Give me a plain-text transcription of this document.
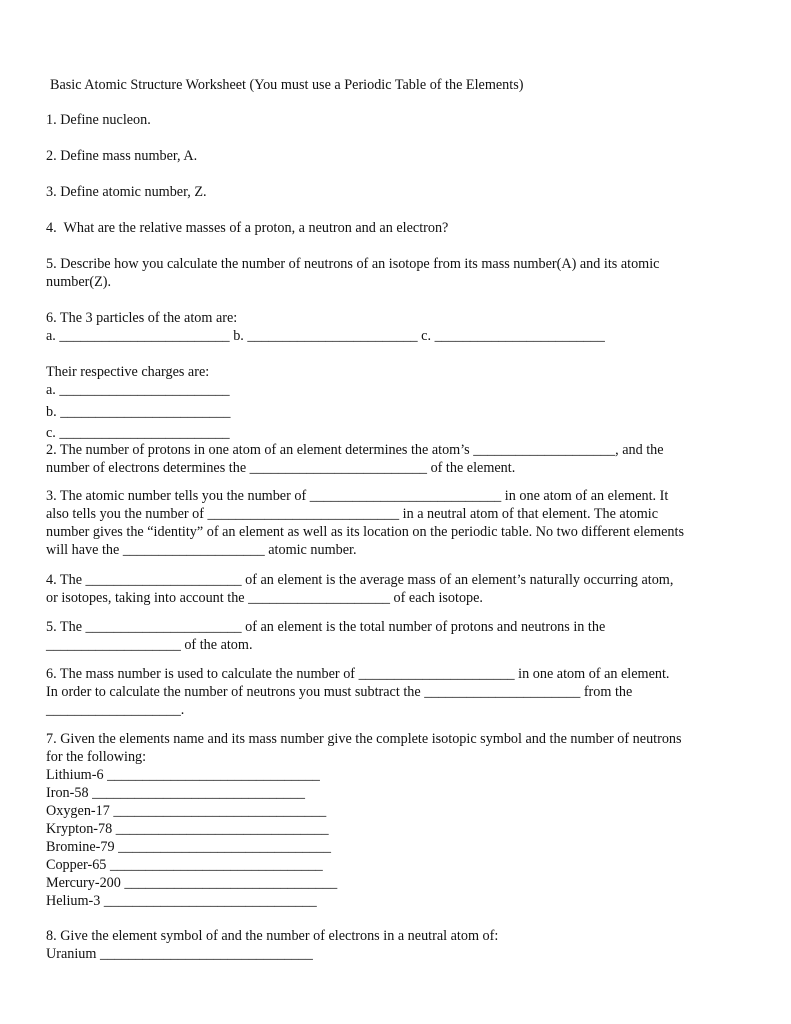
Basic Atomic Structure Worksheet (You must use a Periodic Table of the Elements)
1. Define nucleon.
2. Define mass number, A.
3. Define atomic number, Z.
4.  What are the relative masses of a proton, a neutron and an electron?
5. Describe how you calculate the number of neutrons of an isotope from its mass number(A) and its atomic
number(Z).
6. The 3 particles of the atom are:
a. ________________________ b. ________________________ c. ________________________
Their respective charges are:
a. ________________________
b. ________________________
c. ________________________
2. The number of protons in one atom of an element determines the atom’s ____________________, and the
number of electrons determines the _________________________ of the element.
3. The atomic number tells you the number of ___________________________ in one atom of an element. It
also tells you the number of ___________________________ in a neutral atom of that element. The atomic
number gives the “identity” of an element as well as its location on the periodic table. No two different elements
will have the ____________________ atomic number.
4. The ______________________ of an element is the average mass of an element’s naturally occurring atom,
or isotopes, taking into account the ____________________ of each isotope.
5. The ______________________ of an element is the total number of protons and neutrons in the
___________________ of the atom.
6. The mass number is used to calculate the number of ______________________ in one atom of an element.
In order to calculate the number of neutrons you must subtract the ______________________ from the
___________________.
7. Given the elements name and its mass number give the complete isotopic symbol and the number of neutrons
for the following:
Lithium-6 ______________________________
Iron-58 ______________________________
Oxygen-17 ______________________________
Krypton-78 ______________________________
Bromine-79 ______________________________
Copper-65 ______________________________
Mercury-200 ______________________________
Helium-3 ______________________________
8. Give the element symbol of and the number of electrons in a neutral atom of:
Uranium ______________________________
